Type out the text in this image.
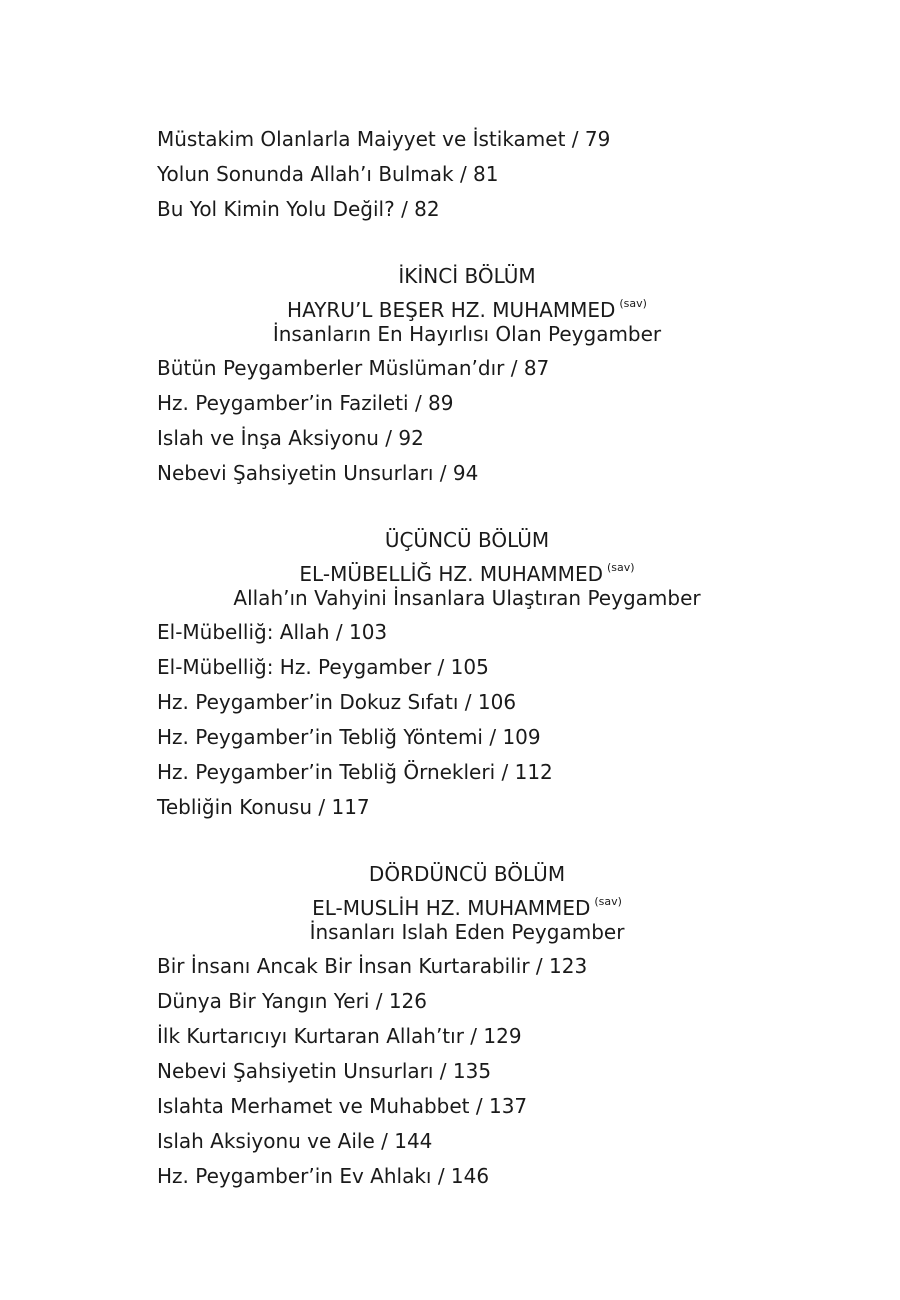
Müstakim Olanlarla Maiyyet ve İstikamet / 79
Yolun Sonunda Allah’ı Bulmak / 81
Bu Yol Kimin Yolu Değil? / 82
İKİNCİ BÖLÜM
HAYRU’L BEŞER HZ. MUHAMMED $^{(sav)}$
İnsanların En Hayırlısı Olan Peygamber
Bütün Peygamberler Müslüman’dır / 87
Hz. Peygamber’in Fazileti / 89
Islah ve İnşa Aksiyonu / 92
Nebevi Şahsiyetin Unsurları / 94
ÜÇÜNCÜ BÖLÜM
EL-MÜBELLİĞ HZ. MUHAMMED $^{(sav)}$
Allah’ın Vahyini İnsanlara Ulaştıran Peygamber
El-Mübelliğ: Allah / 103
El-Mübelliğ: Hz. Peygamber / 105
Hz. Peygamber’in Dokuz Sıfatı / 106
Hz. Peygamber’in Tebliğ Yöntemi / 109
Hz. Peygamber’in Tebliğ Örnekleri / 112
Tebliğin Konusu / 117
DÖRDÜNCÜ BÖLÜM
EL-MUSLİH HZ. MUHAMMED $^{(sav)}$
İnsanları Islah Eden Peygamber
Bir İnsanı Ancak Bir İnsan Kurtarabilir / 123
Dünya Bir Yangın Yeri / 126
İlk Kurtarıcıyı Kurtaran Allah’tır / 129
Nebevi Şahsiyetin Unsurları / 135
Islahta Merhamet ve Muhabbet / 137
Islah Aksiyonu ve Aile / 144
Hz. Peygamber’in Ev Ahlakı / 146
